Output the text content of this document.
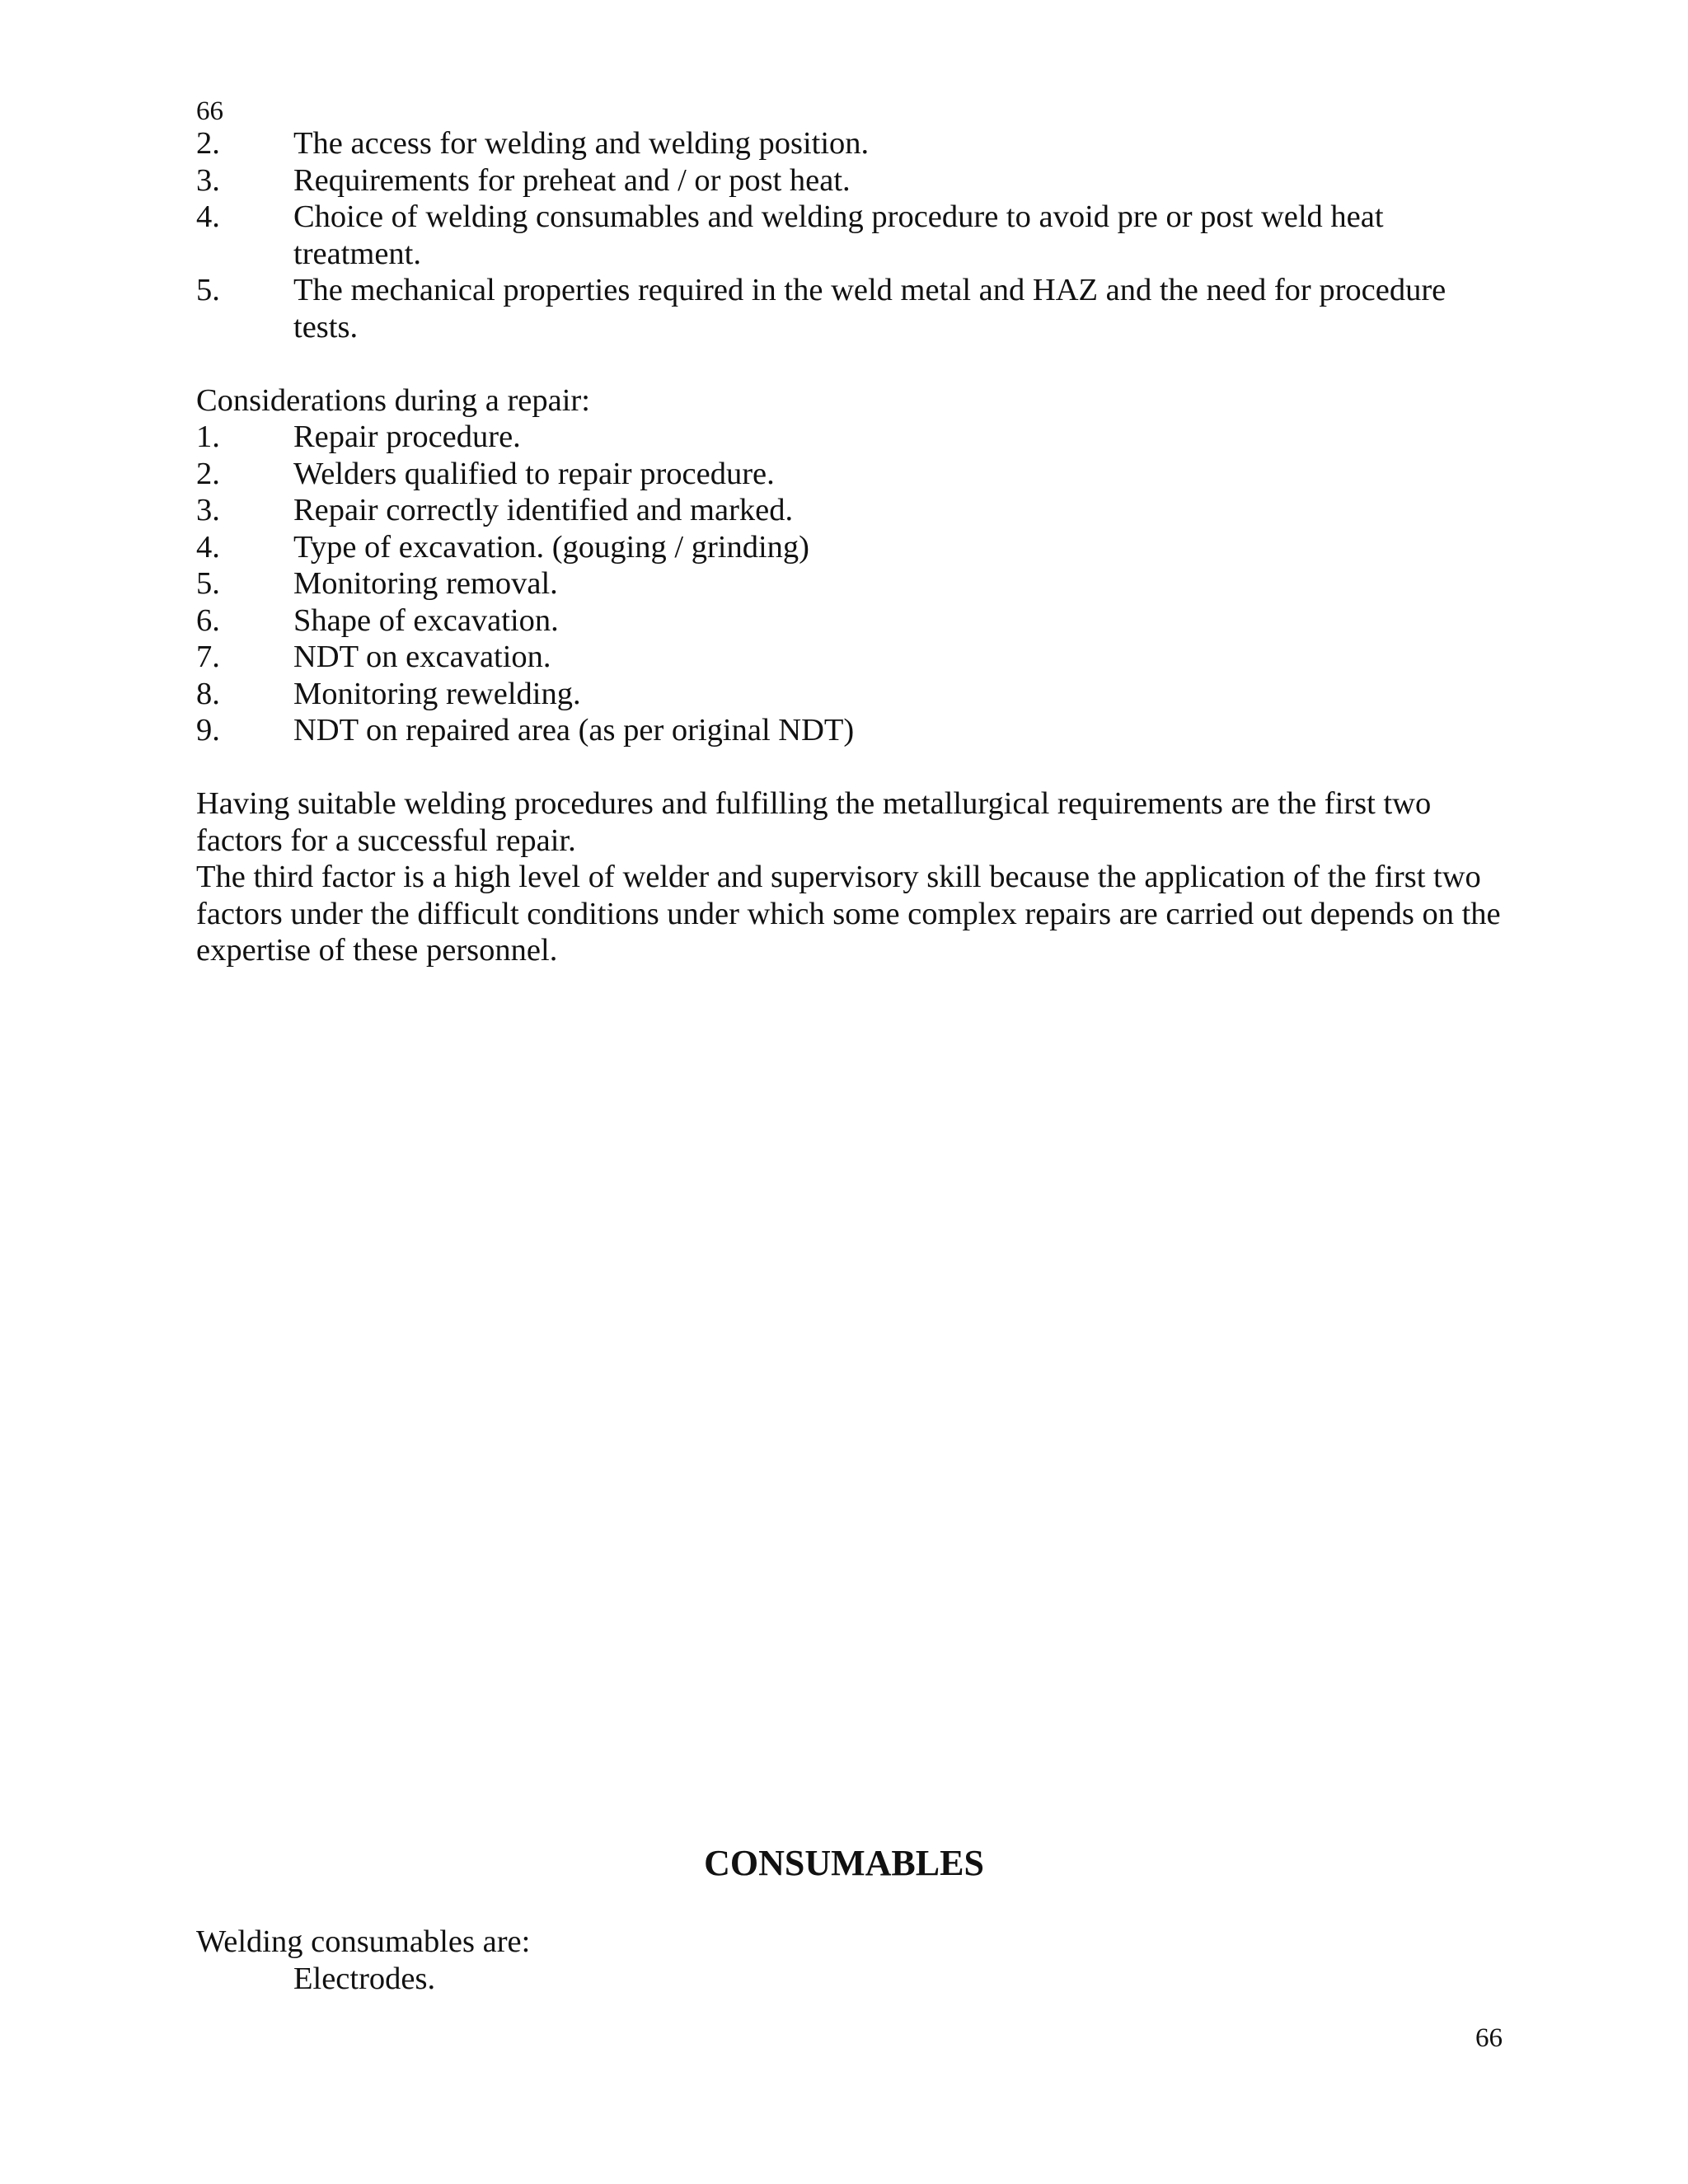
66
2.	The access for welding and welding position.
3.	Requirements for preheat and / or post heat.
4.	Choice of welding consumables and welding procedure to avoid pre or post weld heat treatment.
5.	The mechanical properties required in the weld metal and HAZ and the need for procedure tests.

Considerations during a repair:

1.	Repair procedure.
2.	Welders qualified to repair procedure.
3.	Repair correctly identified and marked.
4.	Type of excavation. (gouging / grinding)
5.	Monitoring removal.
6.	Shape of excavation.
7.	NDT on excavation.
8.	Monitoring rewelding.
9.	NDT on repaired area (as per original NDT)

Having suitable welding procedures and fulfilling the metallurgical requirements are the first two factors for a successful repair.

The third factor is a high level of welder and supervisory skill because the application of the first two factors under the difficult conditions under which some complex repairs are carried out depends on the expertise of these personnel.

CONSUMABLES

Welding consumables are:

Electrodes.

66
